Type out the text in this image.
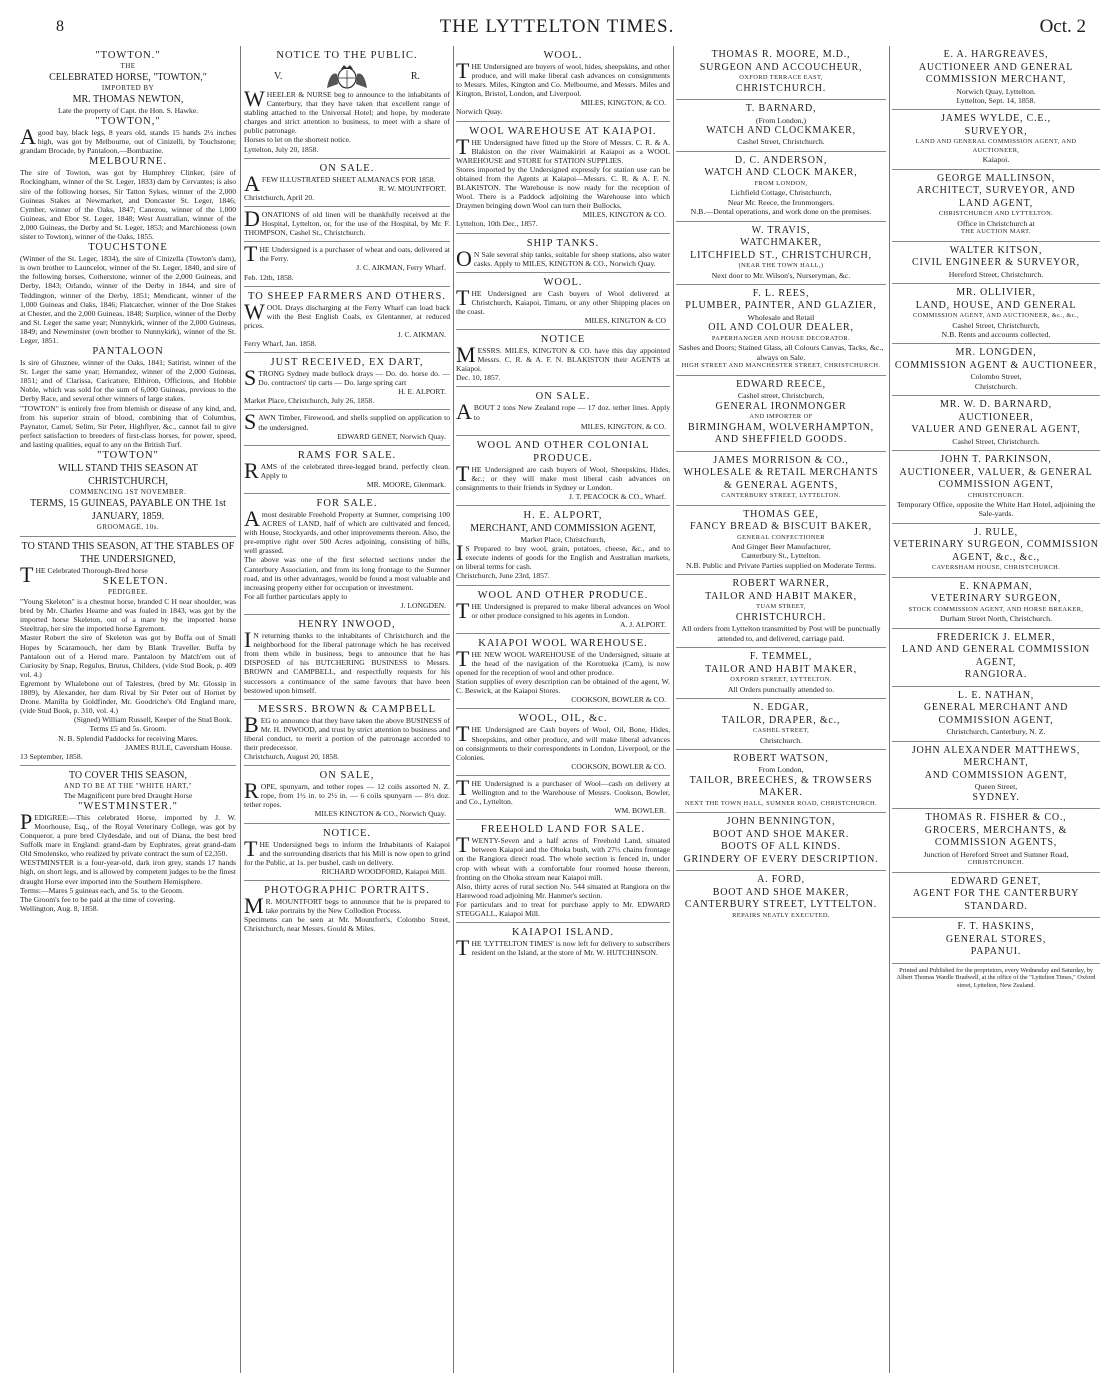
8	THE LYTTELTON TIMES.	Oct. 2
"TOWTON."
THE
CELEBRATED HORSE, "TOWTON,"
IMPORTED BY
MR. THOMAS NEWTON,
Late the property of Capt. the Hon. S. Hawke.
"TOWTON,"
Agood bay, black legs, 8 years old, stands 15 hands 2½ inches high, was got by Melbourne, out of Cinizelli, by Touchstone; grandam Brocade, by Pantaloon,—Bombazine.
MELBOURNE.
The sire of Towton, was got by Humphrey Clinker, (sire of Rockingham, winner of the St. Leger, 1833) dam by Cervantes; is also sire of the following horses, Sir Tatton Sykes, winner of the 2,000 Guineas Stakes at Newmarket, and Doncaster St. Leger, 1846; Cymber, winner of the Oaks, 1847; Canezou, winner of the 1,000 Guineas, and Ebor St. Leger, 1848; West Australian, winner of the 2,000 Guineas, the Derby and St. Leger, 1853; and Marchioness (own sister to Towton), winner of the Oaks, 1855.
TOUCHSTONE
(Winner of the St. Leger, 1834), the sire of Cinizella (Towton's dam), is own brother to Launcelot, winner of the St. Leger, 1840, and sire of the following horses, Cotherstone, winner of the 2,000 Guineas, and Derby, 1843; Orlando, winner of the Derby in 1844, and sire of Teddington, winner of the Derby, 1851; Mendicant, winner of the 1,000 Guineas and Oaks, 1846; Flatcatcher, winner of the Doe Stakes at Chester, and the 2,000 Guineas, 1848; Surplice, winner of the Derby and St. Leger the same year; Nunnykirk, winner of the 2,000 Guineas, 1849; and Newminster (own brother to Nunnykirk), winner of the St. Leger, 1851.
PANTALOON
Is sire of Ghuznee, winner of the Oaks, 1841; Satirist, winner of the St. Leger the same year; Hernandez, winner of the 2,000 Guineas, 1851; and of Clarissa, Caricature, Elthiron, Officious, and Hobbie Noble, which was sold for the sum of 6,000 Guineas, previous to the Derby Race, and several other winners of large stakes.
"TOWTON" is entirely free from blemish or disease of any kind, and, from his superior strain of blood, combining that of Columbus, Paynator, Camel, Selim, Sir Peter, Highflyer, &c., cannot fail to give perfect satisfaction to breeders of first-class horses, for power, speed, and lasting qualities, equal to any on the British Turf.
"TOWTON"
WILL STAND THIS SEASON AT CHRISTCHURCH,
COMMENCING 1ST NOVEMBER.
TERMS, 15 GUINEAS, PAYABLE ON THE 1st JANUARY, 1859.
GROOMAGE, 10s.
TO STAND THIS SEASON, AT THE STABLES OF THE UNDERSIGNED,
THE Celebrated Thorough-Bred horse
SKELETON.
PEDIGREE.
"Young Skeleton" is a chestnut horse, branded C H near shoulder, was bred by Mr. Charles Hearne and was foaled in 1843, was got by the imported horse Skeleton, out of a mare by the imported horse Steeltrap, her sire the imported horse Egremont.
Master Robert the sire of Skeleton was got by Buffa out of Small Hopes by Scaramouch, her dam by Blank Traveller. Buffa by Pantaloon out of a Herod mare. Pantaloon by Match'em out of Curiosity by Snap, Regulus, Brutus, Childers, (vide Stud Book, p. 409 vol. 4.)
Egremont by Whalebone out of Talestres, (bred by Mr. Glossip in 1809), by Alexander, her dam Rival by Sir Peter out of Hornet by Drone. Manilla by Goldfinder, Mr. Goodriche's Old England mare, (vide Stud Book, p. 310, vol. 4.)
(Signed) William Russell, Keeper of the Stud Book.
Terms £5 and 5s. Groom.
N. B. Splendid Paddocks for receiving Mares.
JAMES RULE, Caversham House.
13 September, 1858.
TO COVER THIS SEASON,
AND TO BE AT THE "WHITE HART,"
The Magnificent pure bred Draught Horse
"WESTMINSTER."
PEDIGREE:—This celebrated Horse, imported by J. W. Moorhouse, Esq., of the Royal Veterinary College, was got by Conqueror, a pure bred Clydesdale, and out of Diana, the best bred Suffolk mare in England: grand-dam by Euphrates, great grand-dam Old Smolensko, who realized by private contract the sum of £2,350.
WESTMINSTER is a four-year-old, dark iron grey, stands 17 hands high, on short legs, and is allowed by competent judges to be the finest draught Horse ever imported into the Southern Hemisphere.
Terms:—Mares 5 guineas each, and 5s. to the Groom.
The Groom's fee to be paid at the time of covering.
Wellington, Aug. 8, 1858.
NOTICE TO THE PUBLIC.
V.	R.
WHEELER & NURSE beg to announce to the inhabitants of Canterbury, that they have taken that excellent range of stabling attached to the Universal Hotel; and hope, by moderate charges and strict attention to business, to meet with a share of public patronage.
Horses to let on the shortest notice.
Lyttelton, July 20, 1858.
ON SALE.
AFEW ILLUSTRATED SHEET ALMANACS FOR 1858.
R. W. MOUNTFORT.
Christchurch, April 20.
DONATIONS of old linen will be thankfully received at the Hospital, Lyttelton, or, for the use of the Hospital, by Mr. F. THOMPSON, Cashel St., Christchurch.
THE Undersigned is a purchaser of wheat and oats, delivered at the Ferry.
J. C. AIKMAN, Ferry Wharf.
Feb. 12th, 1858.
TO SHEEP FARMERS AND OTHERS.
WOOL Drays discharging at the Ferry Wharf can load back with the Best English Coals, ex Glentanner, at reduced prices.
J. C. AIKMAN.
Ferry Wharf, Jan. 1858.
JUST RECEIVED, EX DART,
STRONG Sydney made bullock drays — Do. do. horse do. — Do. contractors' tip carts — Do. large spring cart
H. E. ALPORT.
Market Place, Christchurch, July 26, 1858.
SAWN Timber, Firewood, and shells supplied on application to the undersigned.
EDWARD GENET, Norwich Quay.
RAMS FOR SALE.
RAMS of the celebrated three-legged brand, perfectly clean. Apply to
MR. MOORE, Glenmark.
FOR SALE.
Amost desirable Freehold Property at Sumner, comprising 100 ACRES of LAND, half of which are cultivated and fenced, with House, Stockyards, and other improvements thereon. Also, the pre-emptive right over 500 Acres adjoining, consisting of hills, well grassed.
The above was one of the first selected sections under the Canterbury Association, and from its long frontage to the Sumner road, and its other advantages, would be found a most valuable and increasing property either for occupation or investment.
For all further particulars apply to
J. LONGDEN.
HENRY INWOOD,
IN returning thanks to the inhabitants of Christchurch and the neighborhood for the liberal patronage which he has received from them while in business, begs to announce that he has DISPOSED of his BUTCHERING BUSINESS to Messrs. BROWN and CAMPBELL, and respectfully requests for his successors a continuance of the same favours that have been bestowed upon himself.
MESSRS. BROWN & CAMPBELL
BEG to announce that they have taken the above BUSINESS of Mr. H. INWOOD, and trust by strict attention to business and liberal conduct, to merit a portion of the patronage accorded to their predecessor.
Christchurch, August 20, 1858.
ON SALE,
ROPE, spunyarn, and tether ropes — 12 coils assorted N. Z. rope, from 1½ in. to 2½ in. — 6 coils spunyarn — 8½ doz. tether ropes.
MILES KINGTON & CO., Norwich Quay.
NOTICE.
THE Undersigned begs to inform the Inhabitants of Kaiapoi and the surrounding districts that his Mill is now open to grind for the Public, at 1s. per bushel, cash on delivery.
RICHARD WOODFORD, Kaiapoi Mill.
PHOTOGRAPHIC PORTRAITS.
MR. MOUNTFORT begs to announce that he is prepared to take portraits by the New Collodion Process.
Specimens can be seen at Mr. Mountfort's, Colombo Street, Christchurch, near Messrs. Gould & Miles.
WOOL.
THE Undersigned are buyers of wool, hides, sheepskins, and other produce, and will make liberal cash advances on consignments to Messrs. Miles, Kington and Co. Melbourne, and Messrs. Miles and Kington, Bristol, London, and Liverpool.
MILES, KINGTON, & CO.
Norwich Quay.
WOOL WAREHOUSE AT KAIAPOI.
THE Undersigned have fitted up the Store of Messrs. C. R. & A. Blakiston on the river Waimakiriri at Kaiapoi as a WOOL WAREHOUSE and STORE for STATION SUPPLIES.
Stores imported by the Undersigned expressly for station use can be obtained from the Agents at Kaiapoi—Messrs. C. R. & A. F. N. BLAKISTON. The Warehouse is now ready for the reception of Wool. There is a Paddock adjoining the Warehouse into which Draymen bringing down Wool can turn their Bullocks.
MILES, KINGTON & CO.
Lyttelton, 10th Dec., 1857.
SHIP TANKS.
ON Sale several ship tanks, suitable for sheep stations, also water casks. Apply to MILES, KINGTON & CO., Norwich Quay.
WOOL.
THE Undersigned are Cash buyers of Wool delivered at Christchurch, Kaiapoi, Timaru, or any other Shipping places on the coast.
MILES, KINGTON & CO
NOTICE
MESSRS. MILES, KINGTON & CO. have this day appointed Messrs. C. R. & A. F. N. BLAKISTON their AGENTS at Kaiapoi.
Dec. 10, 1857.
ON SALE.
ABOUT 2 tons New Zealand rope — 17 doz. tether lines. Apply to
MILES, KINGTON, & CO.
WOOL AND OTHER COLONIAL PRODUCE.
THE Undersigned are cash buyers of Wool, Sheepskins, Hides, &c.; or they will make most liberal cash advances on consignments to their friends in Sydney or London.
J. T. PEACOCK & CO., Wharf.
H. E. ALPORT,
MERCHANT, AND COMMISSION AGENT,
Market Place, Christchurch,
IS Prepared to buy wool, grain, potatoes, cheese, &c., and to execute indents of goods for the English and Australian markets, on liberal terms for cash.
Christchurch, June 23rd, 1857.
WOOL AND OTHER PRODUCE.
THE Undersigned is prepared to make liberal advances on Wool or other produce consigned to his agents in London.
A. J. ALPORT.
KAIAPOI WOOL WAREHOUSE.
THE NEW WOOL WAREHOUSE of the Undersigned, situate at the head of the navigation of the Korotueka (Cam), is now opened for the reception of wool and other produce.
Station supplies of every description can be obtained of the agent, W. C. Beswick, at the Kaiapoi Stores.
COOKSON, BOWLER & CO.
WOOL, OIL, &c.
THE Undersigned are Cash buyers of Wool, Oil, Bone, Hides, Sheepskins, and other produce, and will make liberal advances on consignments to their correspondents in London, Liverpool, or the Colonies.
COOKSON, BOWLER & CO.
THE Undersigned is a purchaser of Wool—cash on delivery at Wellington and to the Warehouse of Messrs. Cookson, Bowler, and Co., Lyttelton.
WM. BOWLER.
FREEHOLD LAND FOR SALE.
TWENTY-Seven and a half acres of Freehold Land, situated between Kaiapoi and the Ohoka bush, with 27½ chains frontage on the Rangiora direct road. The whole section is fenced in, under crop with wheat with a comfortable four roomed house thereon, fronting on the Ohoka stream near Kaiapoi mill.
Also, thirty acres of rural section No. 544 situated at Rangiora on the Harewood road adjoining Mr. Hanmer's section.
For particulars and to treat for purchase apply to Mr. EDWARD STEGGALL, Kaiapoi Mill.
KAIAPOI ISLAND.
THE 'LYTTELTON TIMES' is now left for delivery to subscribers resident on the Island, at the store of Mr. W. HUTCHINSON.
THOMAS R. MOORE, M.D.,
SURGEON AND ACCOUCHEUR,
OXFORD TERRACE EAST,
CHRISTCHURCH.
T. BARNARD,
(From London,)
WATCH AND CLOCKMAKER,
Cashel Street, Christchurch.
D. C. ANDERSON,
WATCH AND CLOCK MAKER,
FROM LONDON,
Lichfield Cottage, Christchurch,
Near Mr. Reece, the Ironmongers.
N.B.—Dental operations, and work done on the premises.
W. TRAVIS,
WATCHMAKER,
LITCHFIELD ST., CHRISTCHURCH,
(NEAR THE TOWN HALL,)
Next door to Mr. Wilson's, Nurseryman, &c.
F. L. REES,
PLUMBER, PAINTER, AND GLAZIER,
Wholesale and Retail
OIL AND COLOUR DEALER,
PAPERHANGER AND HOUSE DECORATOR.
Sashes and Doors; Stained Glass, all Colours Canvas, Tacks, &c., always on Sale.
HIGH STREET AND MANCHESTER STREET, CHRISTCHURCH.
EDWARD REECE,
Cashel street, Christchurch,
GENERAL IRONMONGER
AND IMPORTER OF
BIRMINGHAM, WOLVERHAMPTON,
AND SHEFFIELD GOODS.
JAMES MORRISON & CO.,
WHOLESALE & RETAIL MERCHANTS
& GENERAL AGENTS,
CANTERBURY STREET, LYTTELTON.
THOMAS GEE,
FANCY BREAD & BISCUIT BAKER,
GENERAL CONFECTIONER
And Ginger Beer Manufacturer,
Canterbury St., Lyttelton.
N.B. Public and Private Parties supplied on Moderate Terms.
ROBERT WARNER,
TAILOR AND HABIT MAKER,
TUAM STREET,
CHRISTCHURCH.
All orders from Lyttelton transmitted by Post will be punctually attended to, and delivered, carriage paid.
F. TEMMEL,
TAILOR AND HABIT MAKER,
OXFORD STREET, LYTTELTON.
All Orders punctually attended to.
N. EDGAR,
TAILOR, DRAPER, &c.,
CASHEL STREET,
Christchurch.
ROBERT WATSON,
From London,
TAILOR, BREECHES, & TROWSERS MAKER.
NEXT THE TOWN HALL, SUMNER ROAD, CHRISTCHURCH.
JOHN BENNINGTON,
BOOT AND SHOE MAKER.
BOOTS OF ALL KINDS.
GRINDERY OF EVERY DESCRIPTION.
A. FORD,
BOOT AND SHOE MAKER,
CANTERBURY STREET, LYTTELTON.
REPAIRS NEATLY EXECUTED.
E. A. HARGREAVES,
AUCTIONEER AND GENERAL
COMMISSION MERCHANT,
Norwich Quay, Lyttelton.
Lyttelton, Sept. 14, 1858.
JAMES WYLDE, C.E.,
SURVEYOR,
LAND AND GENERAL COMMISSION AGENT, AND AUCTIONEER,
Kaiapoi.
GEORGE MALLINSON,
ARCHITECT, SURVEYOR, AND
LAND AGENT,
CHRISTCHURCH AND LYTTELTON.
Office in Christchurch at
THE AUCTION MART.
WALTER KITSON,
CIVIL ENGINEER & SURVEYOR,
Hereford Street, Christchurch.
MR. OLLIVIER,
LAND, HOUSE, AND GENERAL
COMMISSION AGENT, AND AUCTIONEER, &c., &c.,
Cashel Street, Christchurch,
N.B. Rents and accounts collected.
MR. LONGDEN,
COMMISSION AGENT & AUCTIONEER,
Colombo Street,
Christchurch.
MR. W. D. BARNARD,
AUCTIONEER,
VALUER AND GENERAL AGENT,
Cashel Street, Christchurch.
JOHN T. PARKINSON,
AUCTIONEER, VALUER, & GENERAL
COMMISSION AGENT,
CHRISTCHURCH.
Temporary Office, opposite the White Hart Hotel, adjoining the Sale-yards.
J. RULE,
VETERINARY SURGEON, COMMISSION
AGENT, &c., &c.,
CAVERSHAM HOUSE, CHRISTCHURCH.
E. KNAPMAN,
VETERINARY SURGEON,
STOCK COMMISSION AGENT, AND HORSE BREAKER,
Durham Street North, Christchurch.
FREDERICK J. ELMER,
LAND AND GENERAL COMMISSION
AGENT,
RANGIORA.
L. E. NATHAN,
GENERAL MERCHANT AND COMMISSION AGENT,
Christchurch, Canterbury, N. Z.
JOHN ALEXANDER MATTHEWS,
MERCHANT,
AND COMMISSION AGENT,
Queen Street,
SYDNEY.
THOMAS R. FISHER & CO.,
GROCERS, MERCHANTS, & COMMISSION AGENTS,
Junction of Hereford Street and Sumner Road,
CHRISTCHURCH.
EDWARD GENET,
AGENT FOR THE CANTERBURY
STANDARD.
F. T. HASKINS,
GENERAL STORES,
PAPANUI.
Printed and Published for the proprietors, every Wednesday and Saturday, by Albert Thomas Wardle Bradwell, at the office of the "Lyttelton Times," Oxford street, Lyttelton, New Zealand.
